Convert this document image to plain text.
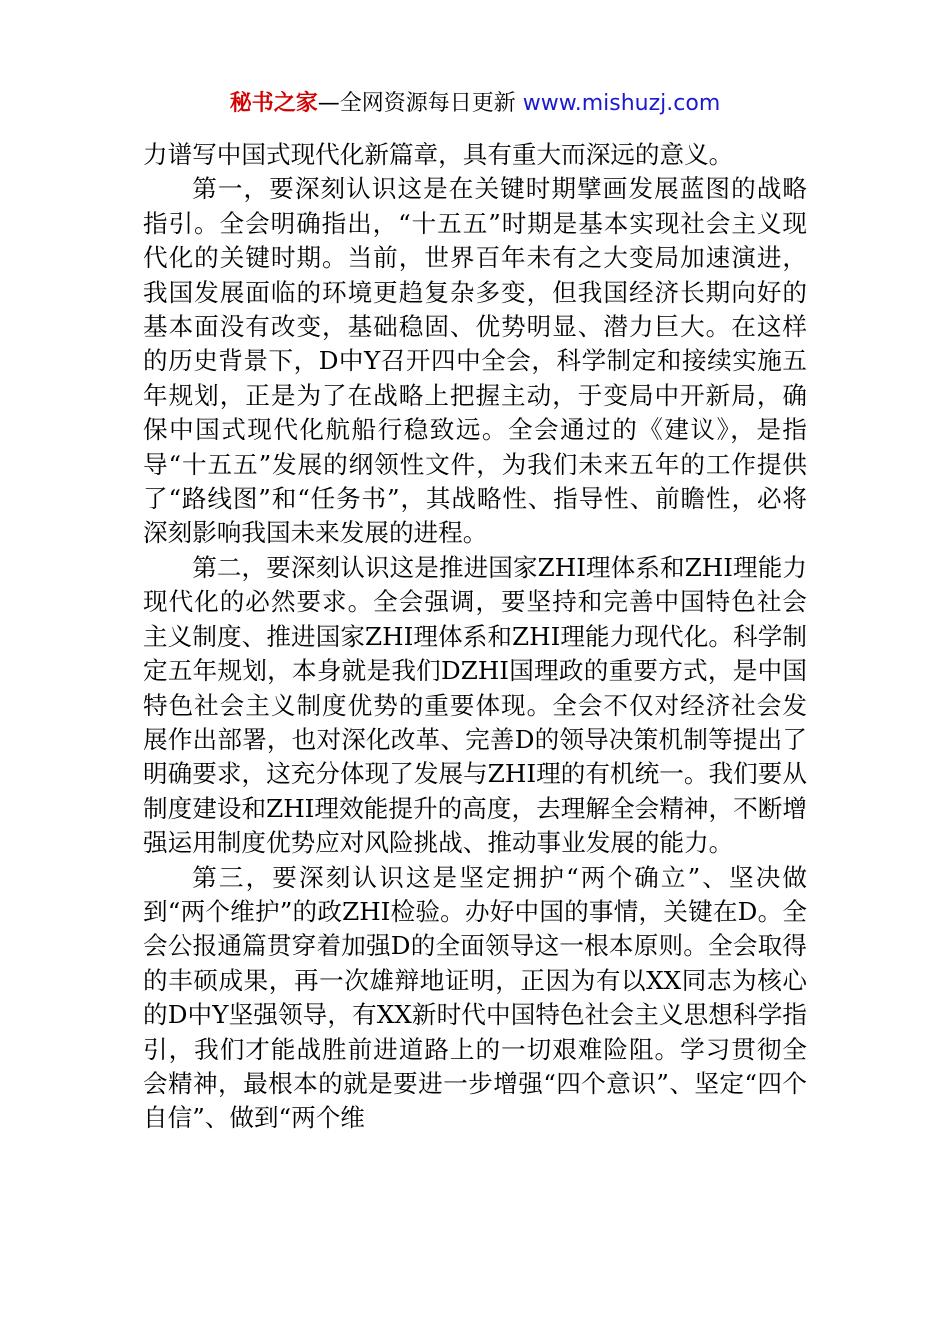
秘书之家—全网资源每日更新 www.mishuzj.com

力谱写中国式现代化新篇章，具有重大而深远的意义。

第一，要深刻认识这是在关键时期擘画发展蓝图的战略指引。全会明确指出，“十五五”时期是基本实现社会主义现代化的关键时期。当前，世界百年未有之大变局加速演进，我国发展面临的环境更趋复杂多变，但我国经济长期向好的基本面没有改变，基础稳固、优势明显、潜力巨大。在这样的历史背景下，D中Y召开四中全会，科学制定和接续实施五年规划，正是为了在战略上把握主动，于变局中开新局，确保中国式现代化航船行稳致远。全会通过的《建议》，是指导“十五五”发展的纲领性文件，为我们未来五年的工作提供了“路线图”和“任务书”，其战略性、指导性、前瞻性，必将深刻影响我国未来发展的进程。

第二，要深刻认识这是推进国家ZHI理体系和ZHI理能力现代化的必然要求。全会强调，要坚持和完善中国特色社会主义制度、推进国家ZHI理体系和ZHI理能力现代化。科学制定五年规划，本身就是我们DZHI国理政的重要方式，是中国特色社会主义制度优势的重要体现。全会不仅对经济社会发展作出部署，也对深化改革、完善D的领导决策机制等提出了明确要求，这充分体现了发展与ZHI理的有机统一。我们要从制度建设和ZHI理效能提升的高度，去理解全会精神，不断增强运用制度优势应对风险挑战、推动事业发展的能力。

第三，要深刻认识这是坚定拥护“两个确立”、坚决做到“两个维护”的政ZHI检验。办好中国的事情，关键在D。全会公报通篇贯穿着加强D的全面领导这一根本原则。全会取得的丰硕成果，再一次雄辩地证明，正因为有以XX同志为核心的D中Y坚强领导，有XX新时代中国特色社会主义思想科学指引，我们才能战胜前进道路上的一切艰难险阻。学习贯彻全会精神，最根本的就是要进一步增强“四个意识”、坚定“四个自信”、做到“两个维
